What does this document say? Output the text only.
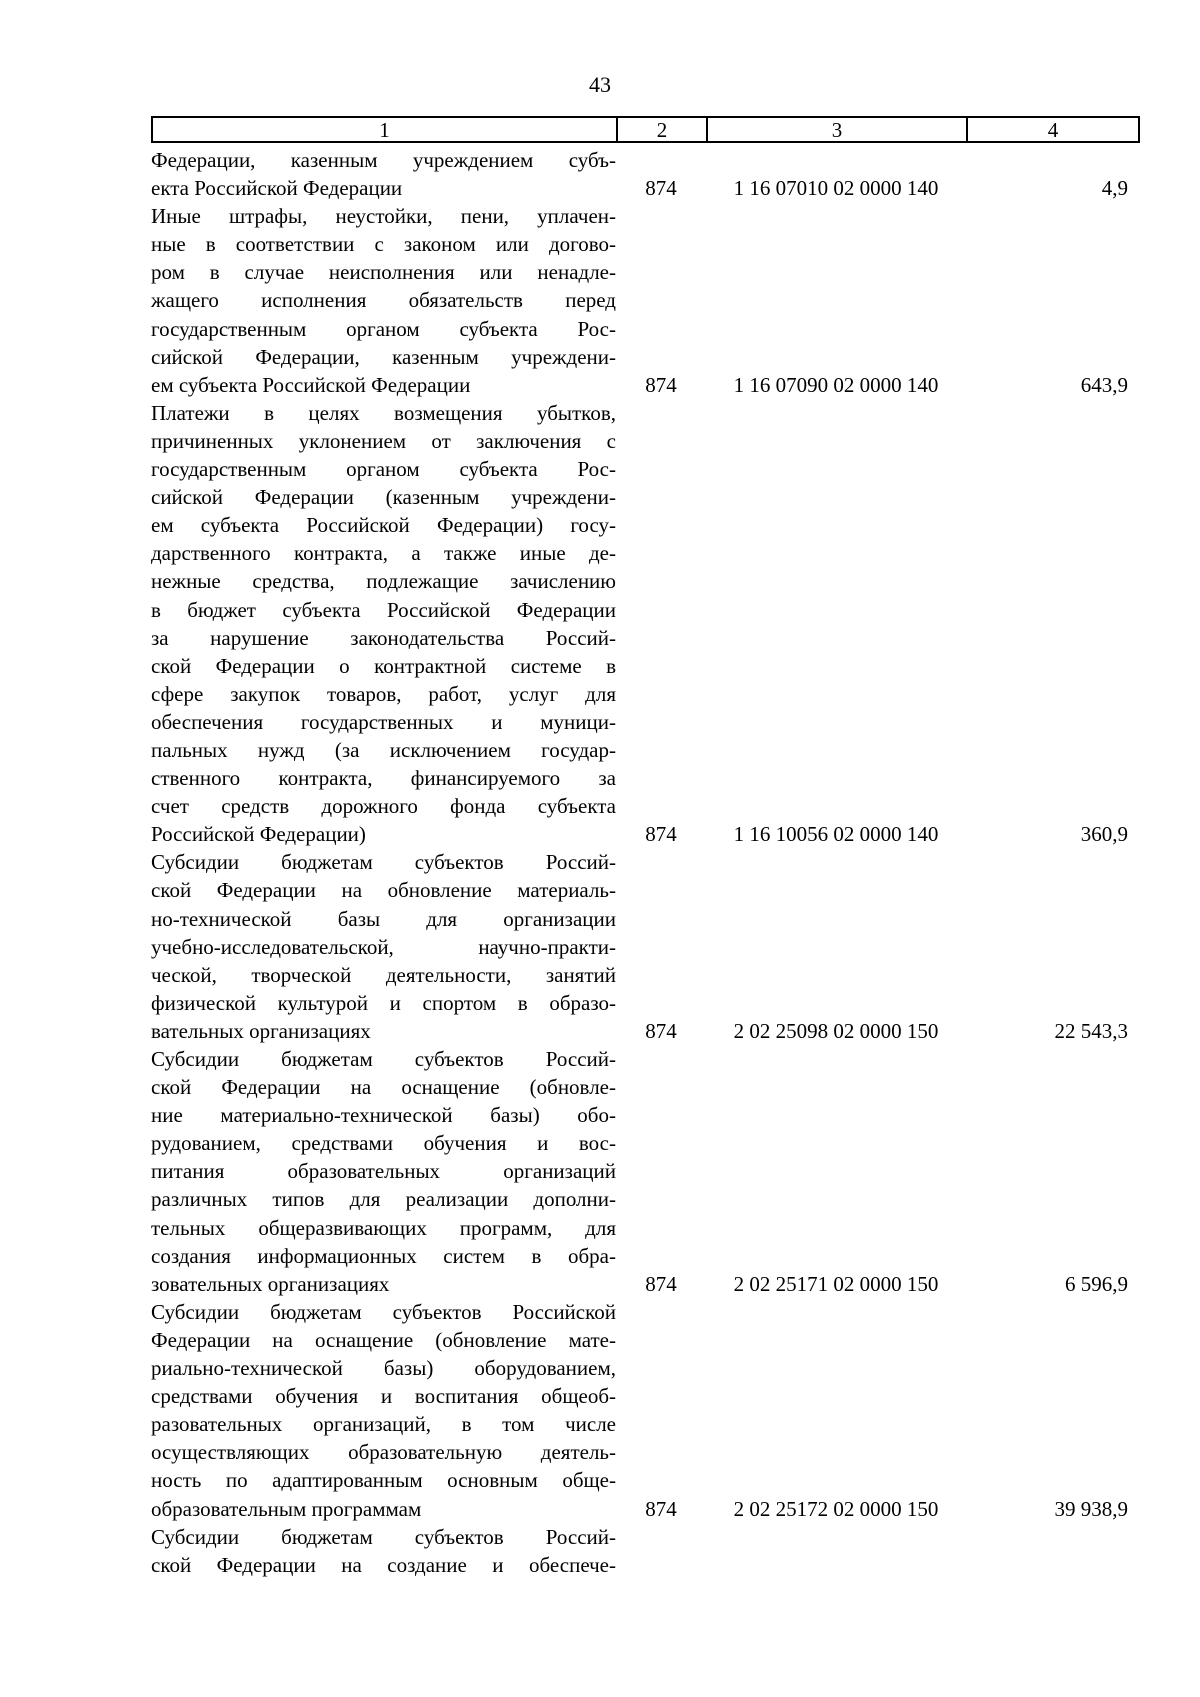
43
1	2	3	4
Федерации, казенным учреждением субъ-
екта Российской Федерации	874	1 16 07010 02 0000 140	4,9
Иные штрафы, неустойки, пени, уплачен-
ные в соответствии с законом или догово-
ром в случае неисполнения или ненадле-
жащего исполнения обязательств перед
государственным органом субъекта Рос-
сийской Федерации, казенным учреждени-
ем субъекта Российской Федерации	874	1 16 07090 02 0000 140	643,9
Платежи в целях возмещения убытков,
причиненных уклонением от заключения с
государственным органом субъекта Рос-
сийской Федерации (казенным учреждени-
ем субъекта Российской Федерации) госу-
дарственного контракта, а также иные де-
нежные средства, подлежащие зачислению
в бюджет субъекта Российской Федерации
за нарушение законодательства Россий-
ской Федерации о контрактной системе в
сфере закупок товаров, работ, услуг для
обеспечения государственных и муници-
пальных нужд (за исключением государ-
ственного контракта, финансируемого за
счет средств дорожного фонда субъекта
Российской Федерации)	874	1 16 10056 02 0000 140	360,9
Субсидии бюджетам субъектов Россий-
ской Федерации на обновление материаль-
но-технической базы для организации
учебно-исследовательской, научно-практи-
ческой, творческой деятельности, занятий
физической культурой и спортом в образо-
вательных организациях	874	2 02 25098 02 0000 150	22 543,3
Субсидии бюджетам субъектов Россий-
ской Федерации на оснащение (обновле-
ние материально-технической базы) обо-
рудованием, средствами обучения и вос-
питания образовательных организаций
различных типов для реализации дополни-
тельных общеразвивающих программ, для
создания информационных систем в обра-
зовательных организациях	874	2 02 25171 02 0000 150	6 596,9
Субсидии бюджетам субъектов Российской
Федерации на оснащение (обновление мате-
риально-технической базы) оборудованием,
средствами обучения и воспитания общеоб-
разовательных организаций, в том числе
осуществляющих образовательную деятель-
ность по адаптированным основным обще-
образовательным программам	874	2 02 25172 02 0000 150	39 938,9
Субсидии бюджетам субъектов Россий-
ской Федерации на создание и обеспече-
